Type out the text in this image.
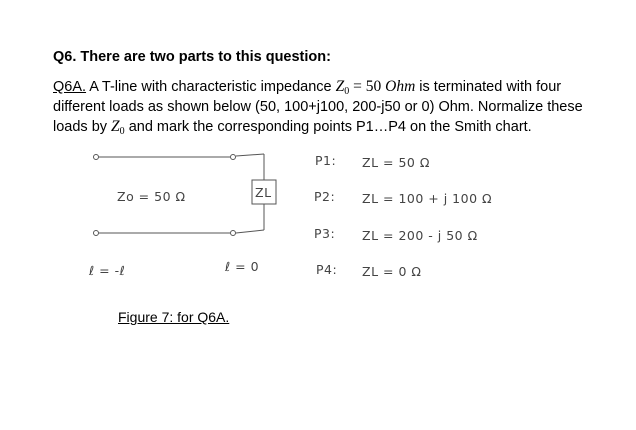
Q6. There are two parts to this question:
Q6A. A T-line with characteristic impedance $Z_0 = 50$ Ohm is terminated with four
different loads as shown below (50, 100+j100, 200-j50 or 0) Ohm. Normalize these
loads by $Z_0$ and mark the corresponding points P1…P4 on the Smith chart.
Zo = 50 Ω	ZL
ℓ = -ℓ	ℓ = 0
P1: ZL = 50 Ω
P2: ZL = 100 + j 100 Ω
P3: ZL = 200 - j 50 Ω
P4: ZL = 0 Ω
Figure 7: for Q6A.
